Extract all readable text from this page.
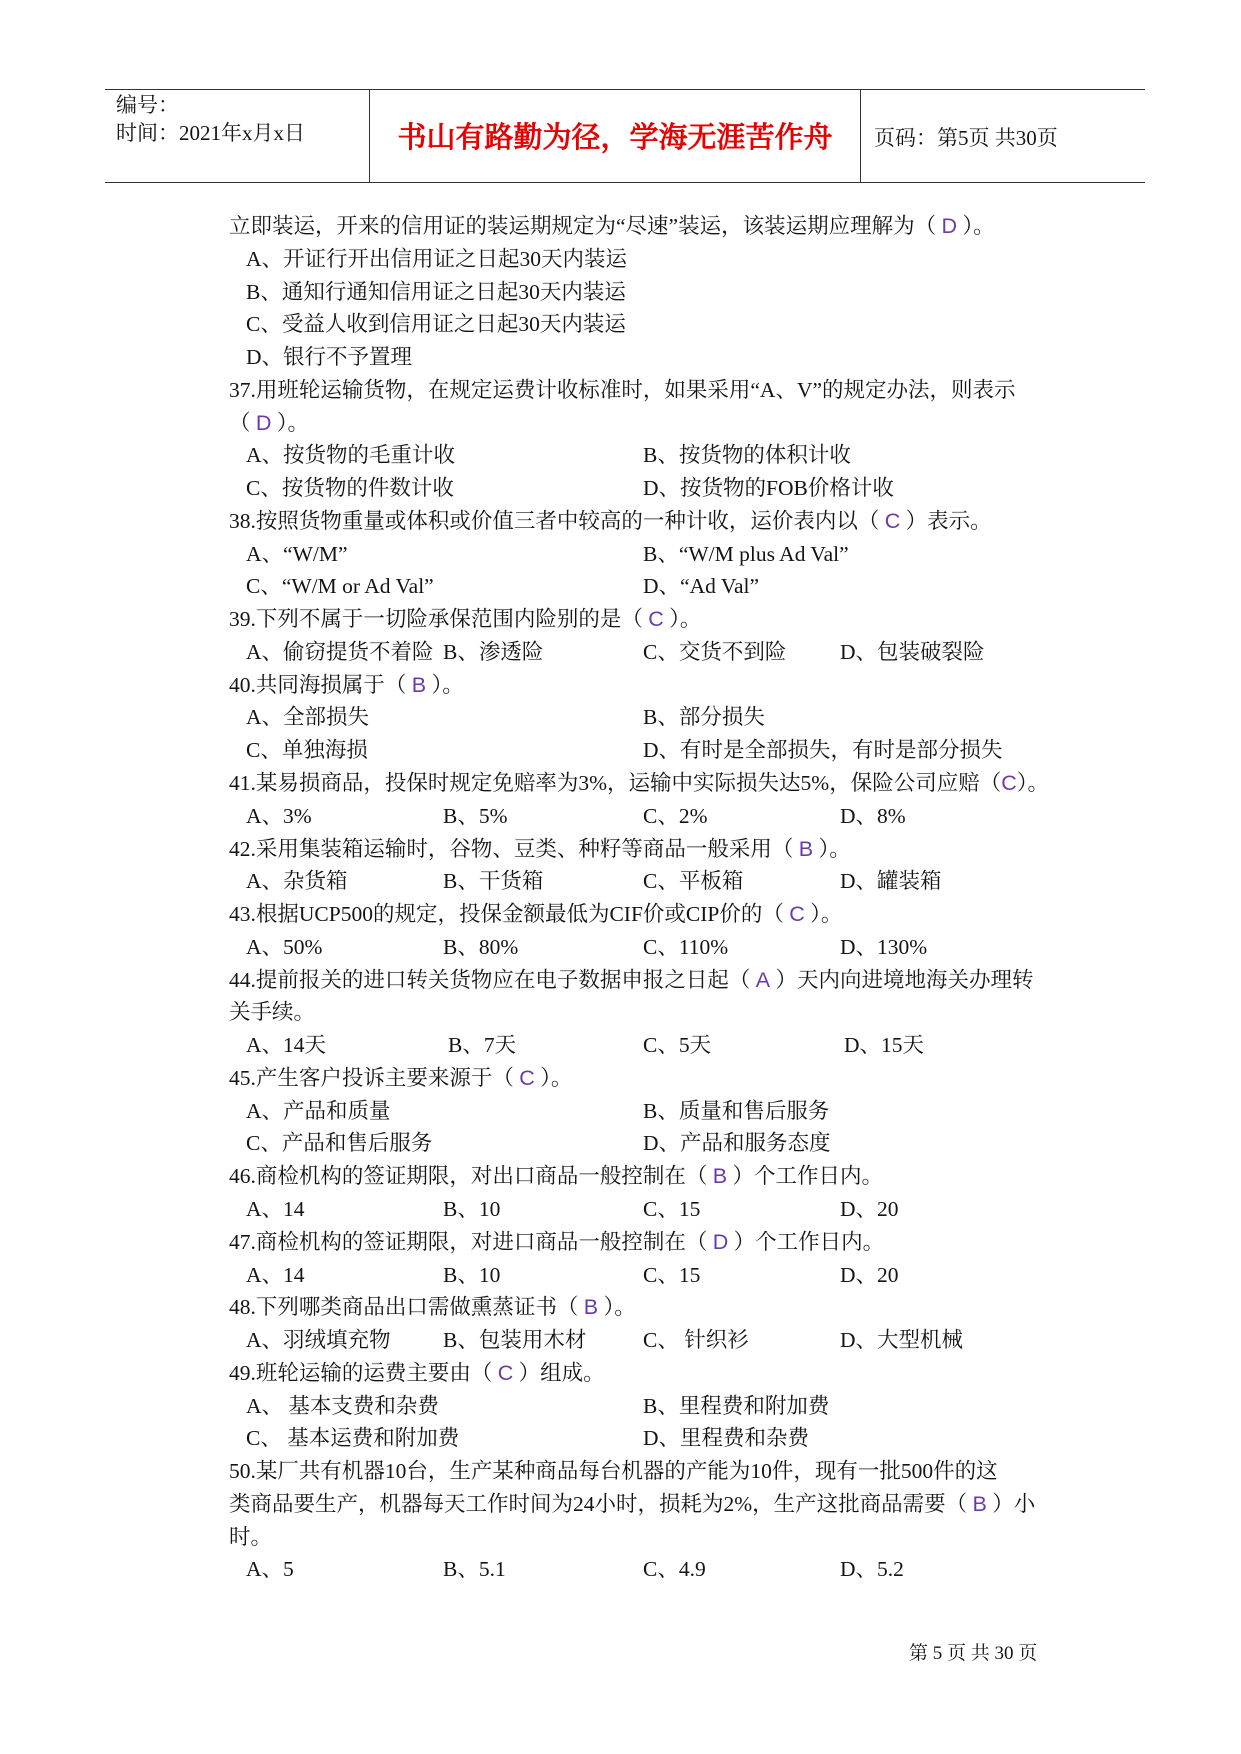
编号：
时间：2021年x月x日	书山有路勤为径，学海无涯苦作舟	页码：第5页 共30页
立即装运，开来的信用证的装运期规定为“尽速”装运，该装运期应理解为（ D ）。
A、开证行开出信用证之日起30天内装运
B、通知行通知信用证之日起30天内装运
C、受益人收到信用证之日起30天内装运
D、银行不予置理
37.用班轮运输货物，在规定运费计收标准时，如果采用“A、V”的规定办法，则表示
（ D ）。
A、按货物的毛重计收	B、按货物的体积计收
C、按货物的件数计收	D、按货物的FOB价格计收
38.按照货物重量或体积或价值三者中较高的一种计收，运价表内以（ C ）表示。
A、“W/M”	B、“W/M plus Ad Val”
C、“W/M or Ad Val”	D、“Ad Val”
39.下列不属于一切险承保范围内险别的是（ C ）。
A、偷窃提货不着险 B、渗透险	C、交货不到险 D、包装破裂险
40.共同海损属于（ B ）。
A、全部损失	B、部分损失
C、单独海损	D、有时是全部损失，有时是部分损失
41.某易损商品，投保时规定免赔率为3%，运输中实际损失达5%，保险公司应赔（C）。
A、3%	B、5%	C、2%	D、8%
42.采用集装箱运输时，谷物、豆类、种籽等商品一般采用（ B ）。
A、杂货箱	B、干货箱	C、平板箱	D、罐装箱
43.根据UCP500的规定，投保金额最低为CIF价或CIP价的（ C ）。
A、50%	B、80%	C、110%	D、130%
44.提前报关的进口转关货物应在电子数据申报之日起（ A ）天内向进境地海关办理转
关手续。
A、14天	B、7天	C、5天	D、15天
45.产生客户投诉主要来源于（ C ）。
A、产品和质量	B、质量和售后服务
C、产品和售后服务	D、产品和服务态度
46.商检机构的签证期限，对出口商品一般控制在（ B ）个工作日内。
A、14	B、10	C、15	D、20
47.商检机构的签证期限，对进口商品一般控制在（ D ）个工作日内。
A、14	B、10	C、15	D、20
48.下列哪类商品出口需做熏蒸证书（ B ）。
A、羽绒填充物 B、包装用木材	C、 针织衫	D、大型机械
49.班轮运输的运费主要由（ C ）组成。
A、 基本支费和杂费	B、里程费和附加费
C、 基本运费和附加费	D、里程费和杂费
50.某厂共有机器10台，生产某种商品每台机器的产能为10件，现有一批500件的这
类商品要生产，机器每天工作时间为24小时，损耗为2%，生产这批商品需要（ B ）小
时。
A、5	B、5.1	C、4.9	D、5.2
第 5 页 共 30 页
